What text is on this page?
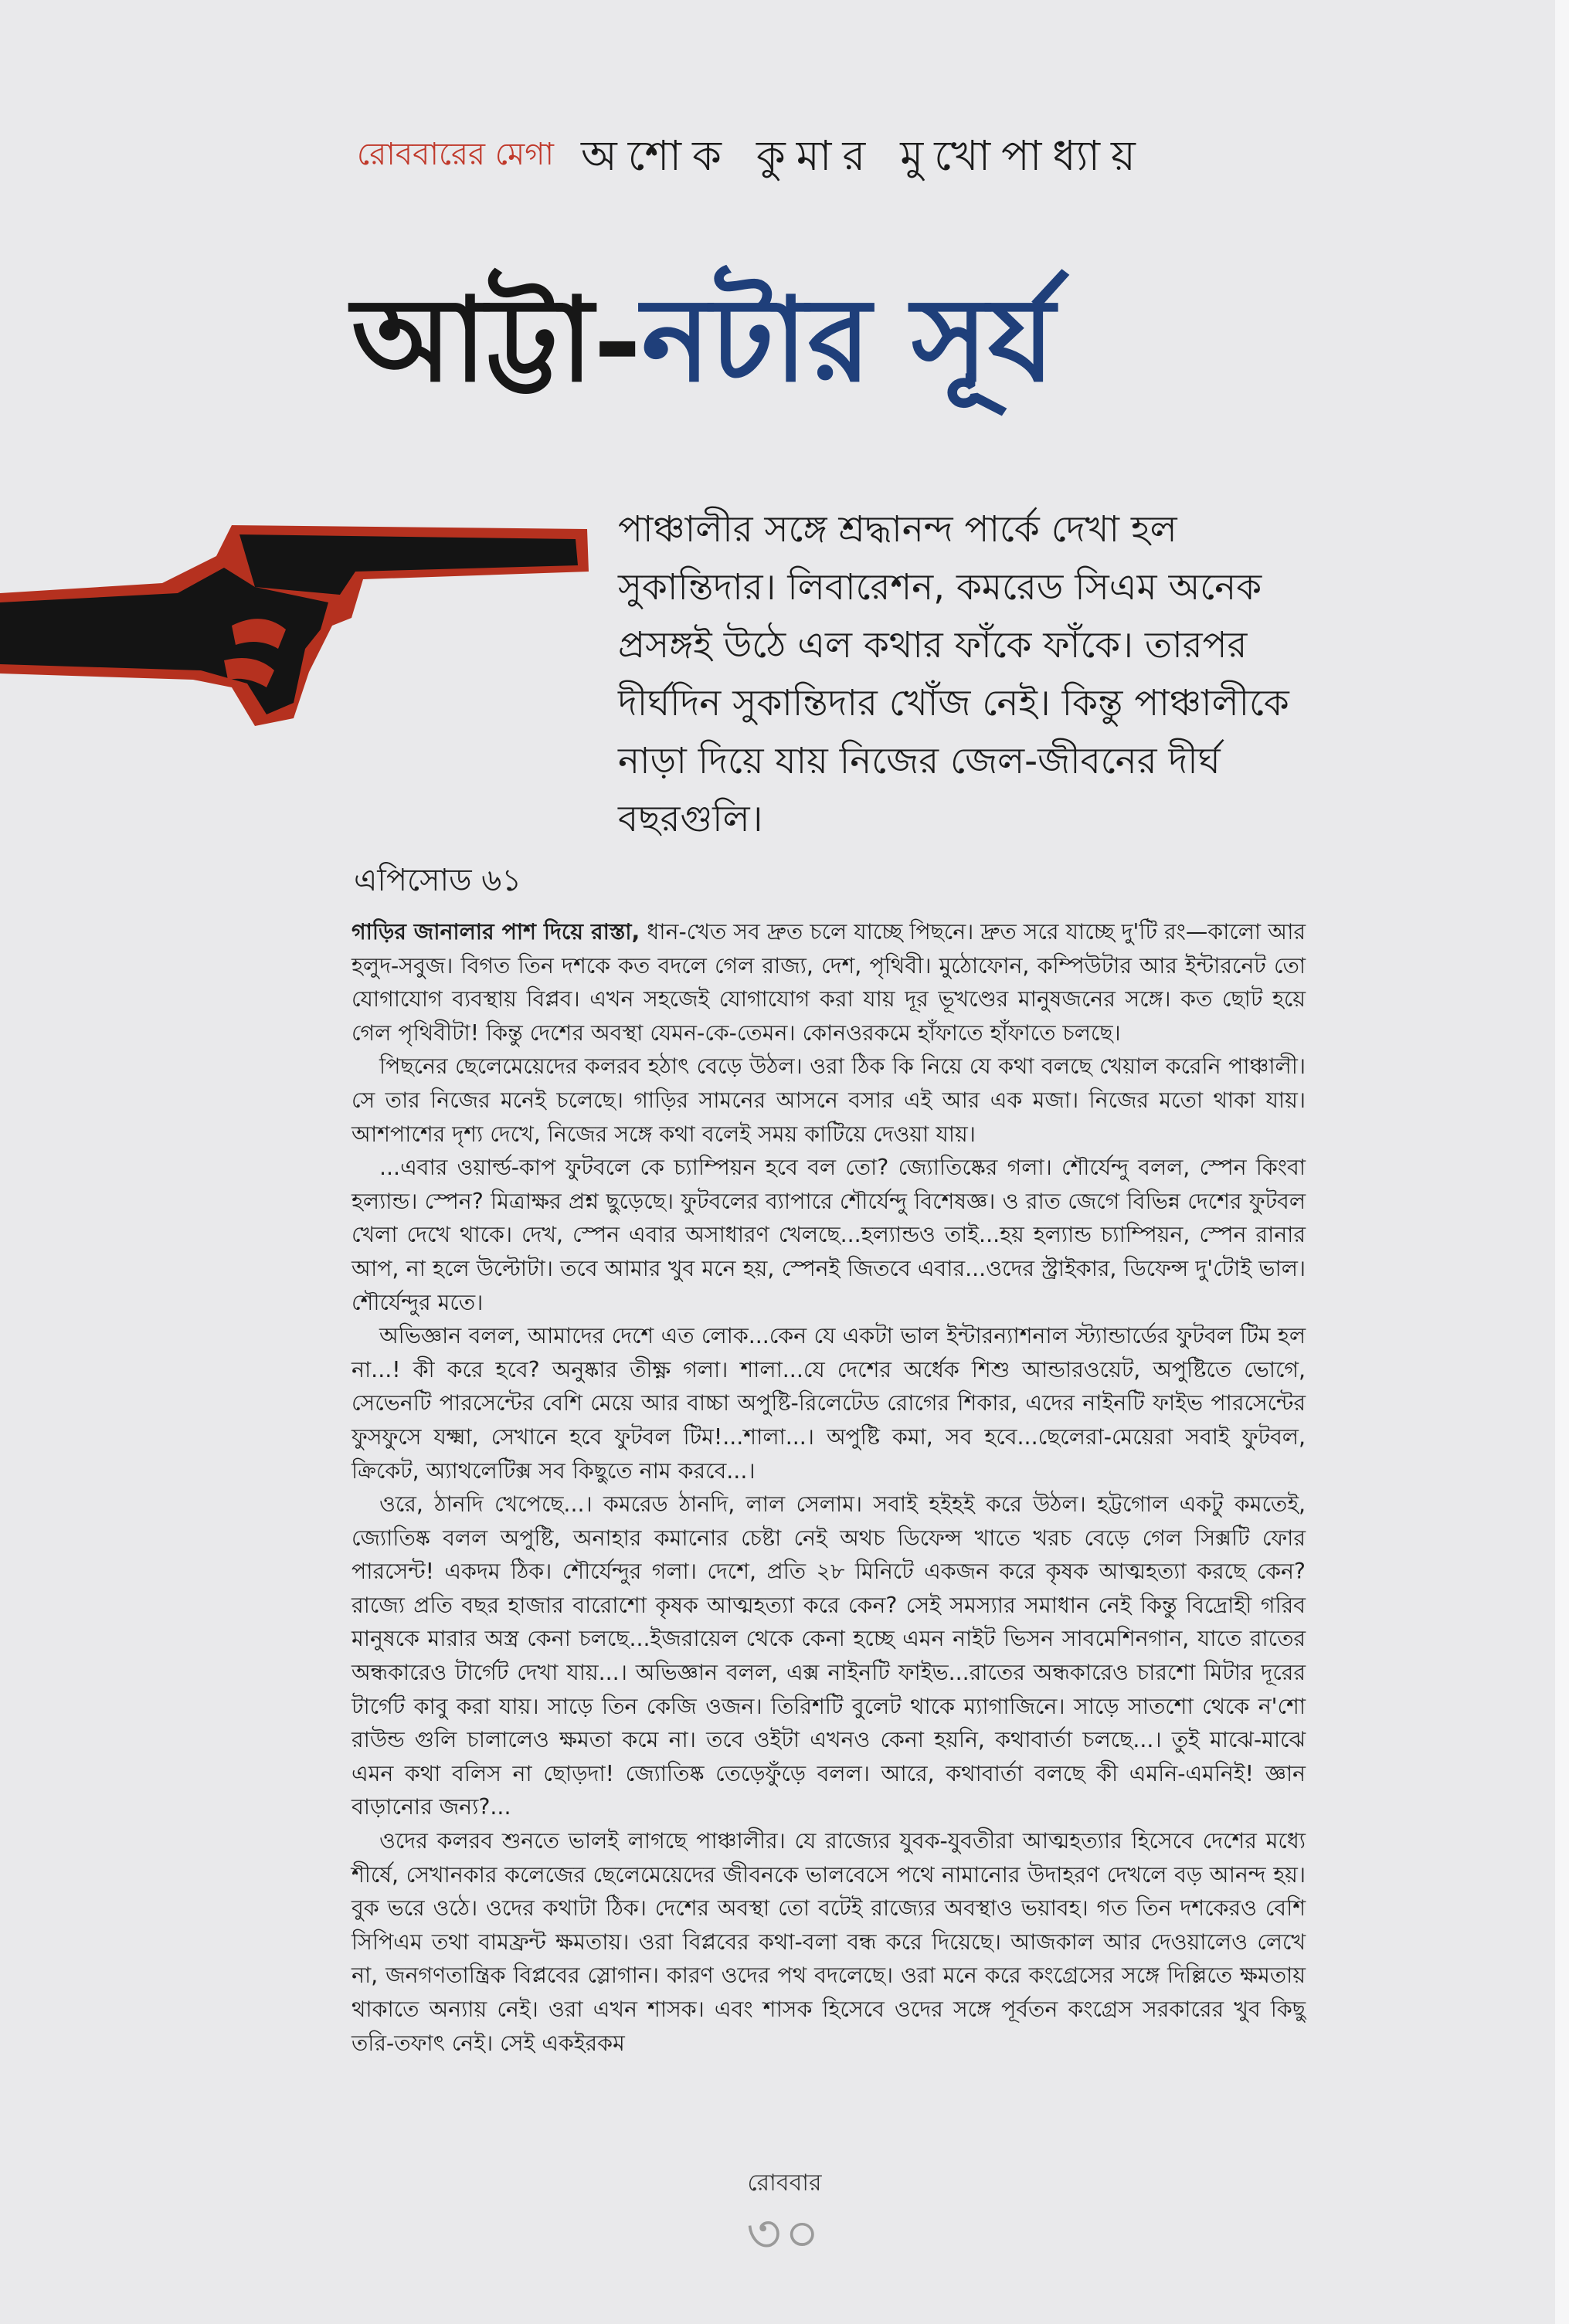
রোববারের মেগা অশোক কুমার মুখোপাধ্যায়
আট্টা-নটার সূর্য
পাঞ্চালীর সঙ্গে শ্রদ্ধানন্দ পার্কে দেখা হল সুকান্তিদার। লিবারেশন, কমরেড সিএম অনেক প্রসঙ্গই উঠে এল কথার ফাঁকে ফাঁকে। তারপর দীর্ঘদিন সুকান্তিদার খোঁজ নেই। কিন্তু পাঞ্চালীকে নাড়া দিয়ে যায় নিজের জেল-জীবনের দীর্ঘ বছরগুলি।
এপিসোড ৬১

গাড়ির জানালার পাশ দিয়ে রাস্তা, ধান-খেত সব দ্রুত চলে যাচ্ছে পিছনে। দ্রুত সরে যাচ্ছে দু'টি রং—কালো আর হলুদ-সবুজ। বিগত তিন দশকে কত বদলে গেল রাজ্য, দেশ, পৃথিবী। মুঠোফোন, কম্পিউটার আর ইন্টারনেট তো যোগাযোগ ব্যবস্থায় বিপ্লব। এখন সহজেই যোগাযোগ করা যায় দূর ভূখণ্ডের মানুষজনের সঙ্গে। কত ছোট হয়ে গেল পৃথিবীটা! কিন্তু দেশের অবস্থা যেমন-কে-তেমন। কোনওরকমে হাঁফাতে হাঁফাতে চলছে।

পিছনের ছেলেমেয়েদের কলরব হঠাৎ বেড়ে উঠল। ওরা ঠিক কি নিয়ে যে কথা বলছে খেয়াল করেনি পাঞ্চালী। সে তার নিজের মনেই চলেছে। গাড়ির সামনের আসনে বসার এই আর এক মজা। নিজের মতো থাকা যায়। আশপাশের দৃশ্য দেখে, নিজের সঙ্গে কথা বলেই সময় কাটিয়ে দেওয়া যায়।

...এবার ওয়ার্ল্ড-কাপ ফুটবলে কে চ্যাম্পিয়ন হবে বল তো? জ্যোতিষ্কের গলা। শৌর্যেন্দু বলল, স্পেন কিংবা হল্যান্ড। স্পেন? মিত্রাক্ষর প্রশ্ন ছুড়েছে। ফুটবলের ব্যাপারে শৌর্যেন্দু বিশেষজ্ঞ। ও রাত জেগে বিভিন্ন দেশের ফুটবল খেলা দেখে থাকে। দেখ, স্পেন এবার অসাধারণ খেলছে...হল্যান্ডও তাই...হয় হল্যান্ড চ্যাম্পিয়ন, স্পেন রানার আপ, না হলে উল্টোটা। তবে আমার খুব মনে হয়, স্পেনই জিতবে এবার...ওদের স্ট্রাইকার, ডিফেন্স দু'টোই ভাল। শৌর্যেন্দুর মতে।

অভিজ্ঞান বলল, আমাদের দেশে এত লোক...কেন যে একটা ভাল ইন্টারন্যাশনাল স্ট্যান্ডার্ডের ফুটবল টিম হল না...! কী করে হবে? অনুষ্কার তীক্ষ্ণ গলা। শালা...যে দেশের অর্ধেক শিশু আন্ডারওয়েট, অপুষ্টিতে ভোগে, সেভেনটি পারসেন্টের বেশি মেয়ে আর বাচ্চা অপুষ্টি-রিলেটেড রোগের শিকার, এদের নাইনটি ফাইভ পারসেন্টের ফুসফুসে যক্ষ্মা, সেখানে হবে ফুটবল টিম!...শালা...। অপুষ্টি কমা, সব হবে...ছেলেরা-মেয়েরা সবাই ফুটবল, ক্রিকেট, অ্যাথলেটিক্স সব কিছুতে নাম করবে...।

ওরে, ঠানদি খেপেছে...। কমরেড ঠানদি, লাল সেলাম। সবাই হইহই করে উঠল। হট্টগোল একটু কমতেই, জ্যোতিষ্ক বলল অপুষ্টি, অনাহার কমানোর চেষ্টা নেই অথচ ডিফেন্স খাতে খরচ বেড়ে গেল সিক্সটি ফোর পারসেন্ট! একদম ঠিক। শৌর্যেন্দুর গলা। দেশে, প্রতি ২৮ মিনিটে একজন করে কৃষক আত্মহত্যা করছে কেন? রাজ্যে প্রতি বছর হাজার বারোশো কৃষক আত্মহত্যা করে কেন? সেই সমস্যার সমাধান নেই কিন্তু বিদ্রোহী গরিব মানুষকে মারার অস্ত্র কেনা চলছে...ইজরায়েল থেকে কেনা হচ্ছে এমন নাইট ভিসন সাবমেশিনগান, যাতে রাতের অন্ধকারেও টার্গেট দেখা যায়...। অভিজ্ঞান বলল, এক্স নাইনটি ফাইভ...রাতের অন্ধকারেও চারশো মিটার দূরের টার্গেট কাবু করা যায়। সাড়ে তিন কেজি ওজন। তিরিশটি বুলেট থাকে ম্যাগাজিনে। সাড়ে সাতশো থেকে ন'শো রাউন্ড গুলি চালালেও ক্ষমতা কমে না। তবে ওইটা এখনও কেনা হয়নি, কথাবার্তা চলছে...। তুই মাঝে-মাঝে এমন কথা বলিস না ছোড়দা! জ্যোতিষ্ক তেড়েফুঁড়ে বলল। আরে, কথাবার্তা বলছে কী এমনি-এমনিই! জ্ঞান বাড়ানোর জন্য?...

ওদের কলরব শুনতে ভালই লাগছে পাঞ্চালীর। যে রাজ্যের যুবক-যুবতীরা আত্মহত্যার হিসেবে দেশের মধ্যে শীর্ষে, সেখানকার কলেজের ছেলেমেয়েদের জীবনকে ভালবেসে পথে নামানোর উদাহরণ দেখলে বড় আনন্দ হয়। বুক ভরে ওঠে। ওদের কথাটা ঠিক। দেশের অবস্থা তো বটেই রাজ্যের অবস্থাও ভয়াবহ। গত তিন দশকেরও বেশি সিপিএম তথা বামফ্রন্ট ক্ষমতায়। ওরা বিপ্লবের কথা-বলা বন্ধ করে দিয়েছে। আজকাল আর দেওয়ালেও লেখে না, জনগণতান্ত্রিক বিপ্লবের স্লোগান। কারণ ওদের পথ বদলেছে। ওরা মনে করে কংগ্রেসের সঙ্গে দিল্লিতে ক্ষমতায় থাকাতে অন্যায় নেই। ওরা এখন শাসক। এবং শাসক হিসেবে ওদের সঙ্গে পূর্বতন কংগ্রেস সরকারের খুব কিছু তরি-তফাৎ নেই। সেই একইরকম

রোববার
৩০
